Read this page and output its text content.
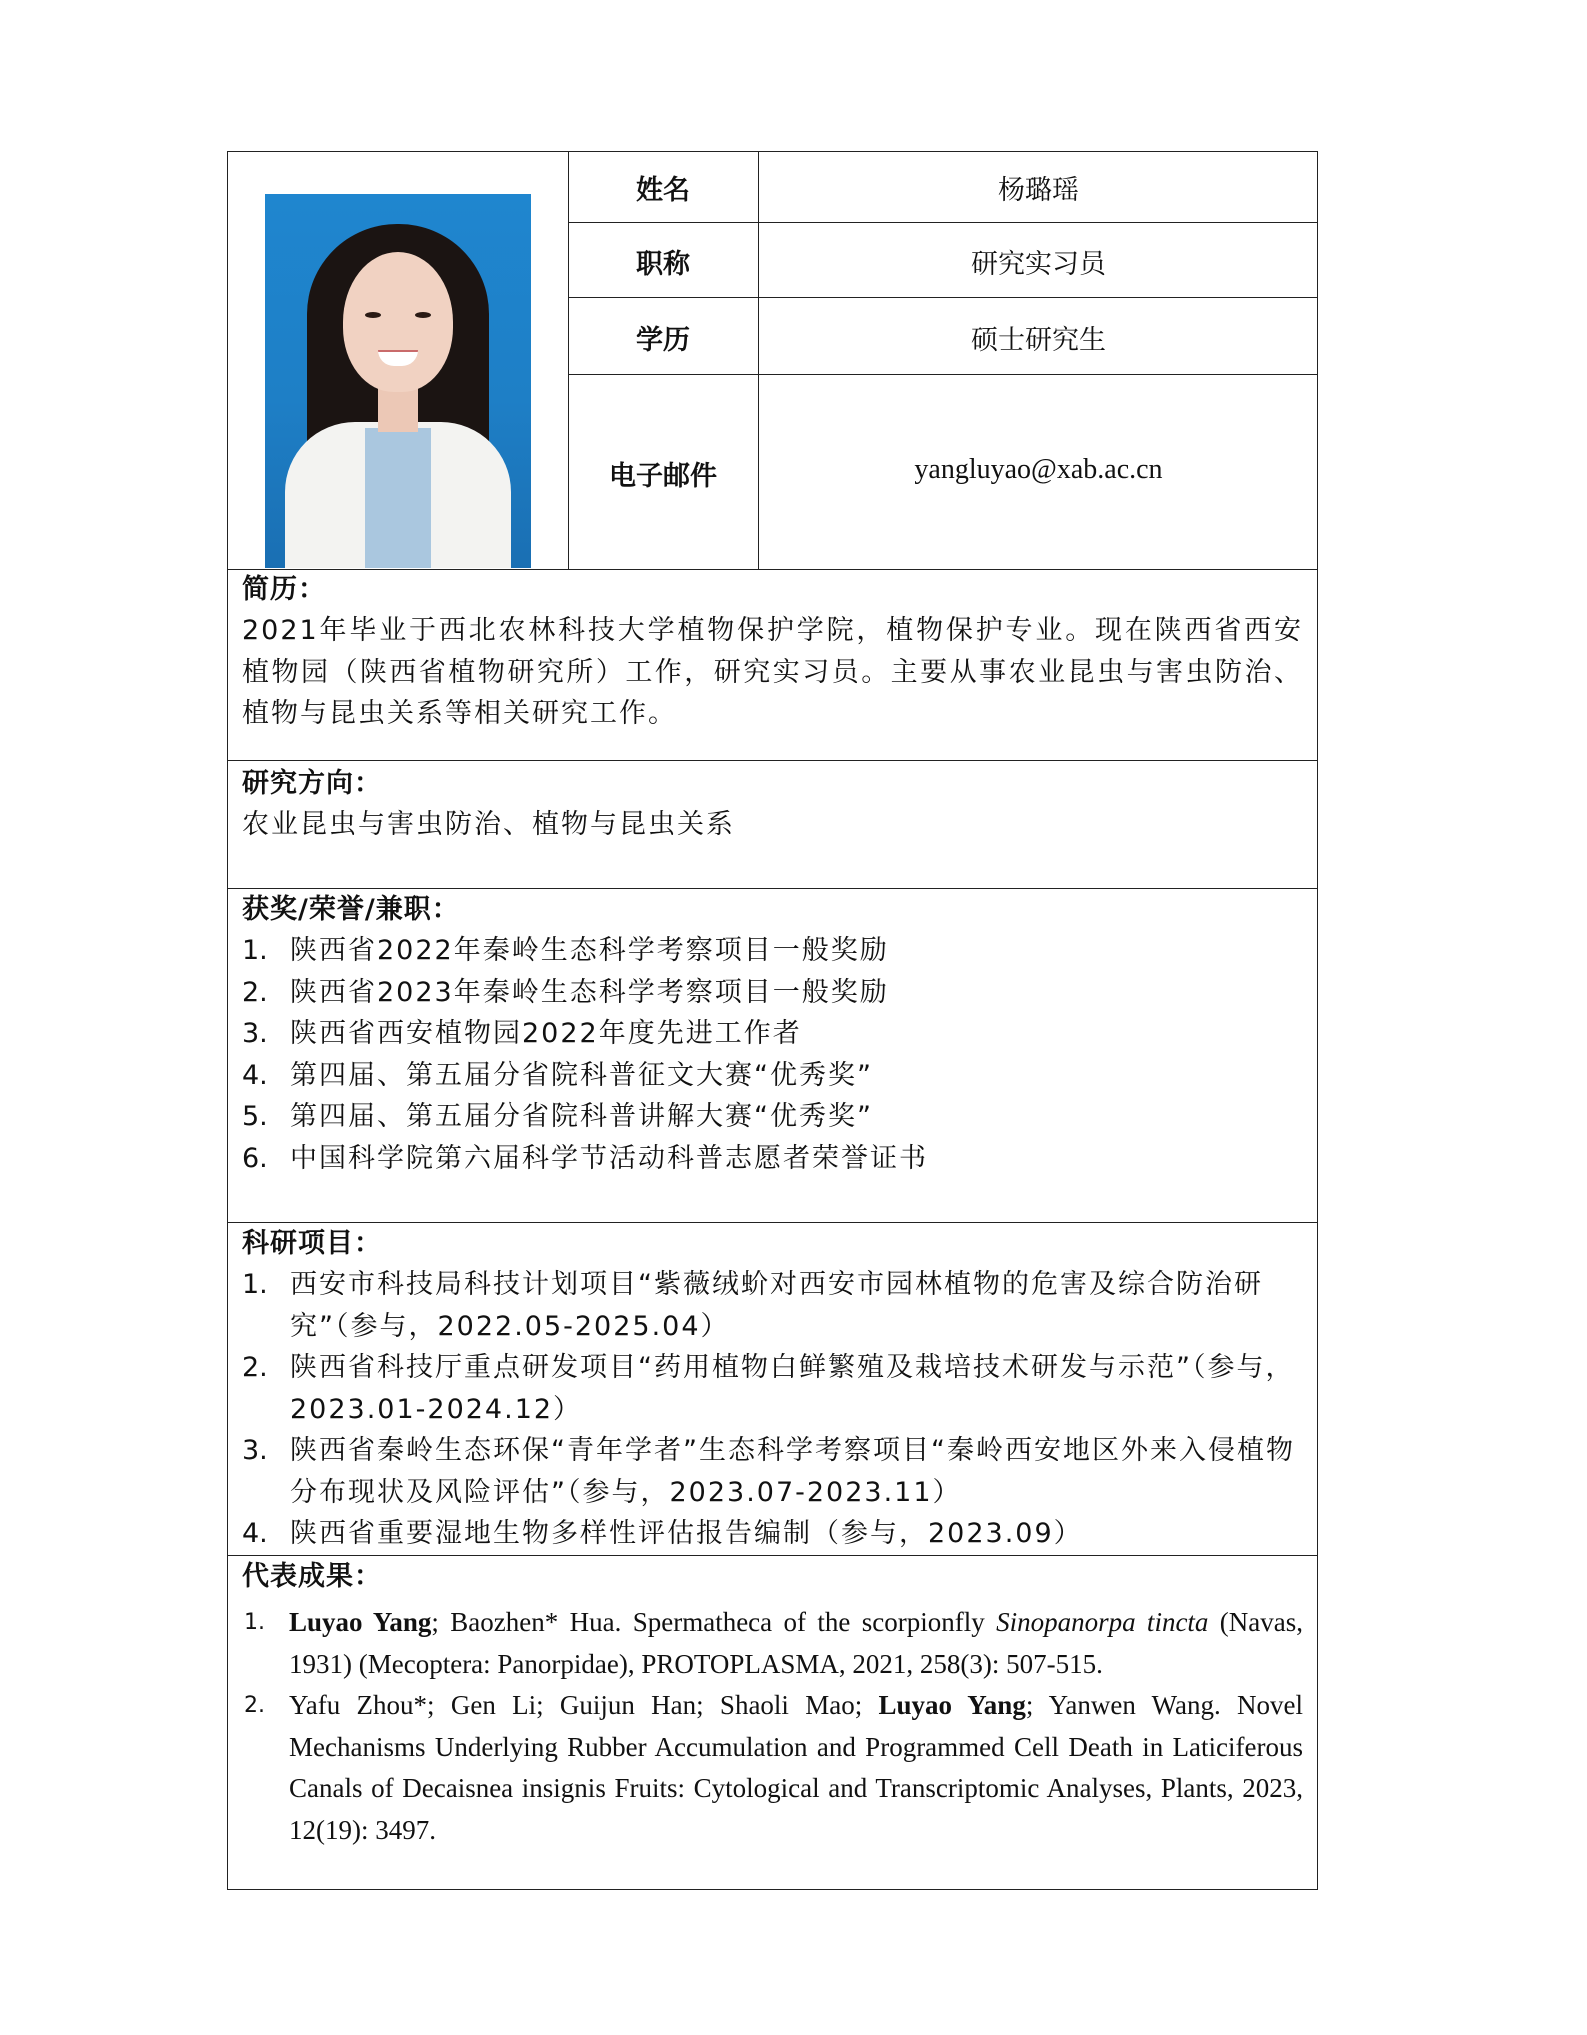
姓名	杨璐瑶
职称	研究实习员
学历	硕士研究生
电子邮件	yangluyao@xab.ac.cn
简历：
2021年毕业于西北农林科技大学植物保护学院，植物保护专业。现在陕西省西安植物园（陕西省植物研究所）工作，研究实习员。主要从事农业昆虫与害虫防治、植物与昆虫关系等相关研究工作。
研究方向：
农业昆虫与害虫防治、植物与昆虫关系
获奖/荣誉/兼职：
1. 陕西省2022年秦岭生态科学考察项目一般奖励
2. 陕西省2023年秦岭生态科学考察项目一般奖励
3. 陕西省西安植物园2022年度先进工作者
4. 第四届、第五届分省院科普征文大赛“优秀奖”
5. 第四届、第五届分省院科普讲解大赛“优秀奖”
6. 中国科学院第六届科学节活动科普志愿者荣誉证书
科研项目：
1. 西安市科技局科技计划项目“紫薇绒蚧对西安市园林植物的危害及综合防治研究”（参与，2022.05-2025.04）
2. 陕西省科技厅重点研发项目“药用植物白鲜繁殖及栽培技术研发与示范”（参与，2023.01-2024.12）
3. 陕西省秦岭生态环保“青年学者”生态科学考察项目“秦岭西安地区外来入侵植物分布现状及风险评估”（参与，2023.07-2023.11）
4. 陕西省重要湿地生物多样性评估报告编制（参与，2023.09）
代表成果：
1. Luyao Yang; Baozhen* Hua. Spermatheca of the scorpionfly Sinopanorpa tincta (Navas, 1931) (Mecoptera: Panorpidae), PROTOPLASMA, 2021, 258(3): 507-515.
2. Yafu Zhou*; Gen Li; Guijun Han; Shaoli Mao; Luyao Yang; Yanwen Wang. Novel Mechanisms Underlying Rubber Accumulation and Programmed Cell Death in Laticiferous Canals of Decaisnea insignis Fruits: Cytological and Transcriptomic Analyses, Plants, 2023, 12(19): 3497.
